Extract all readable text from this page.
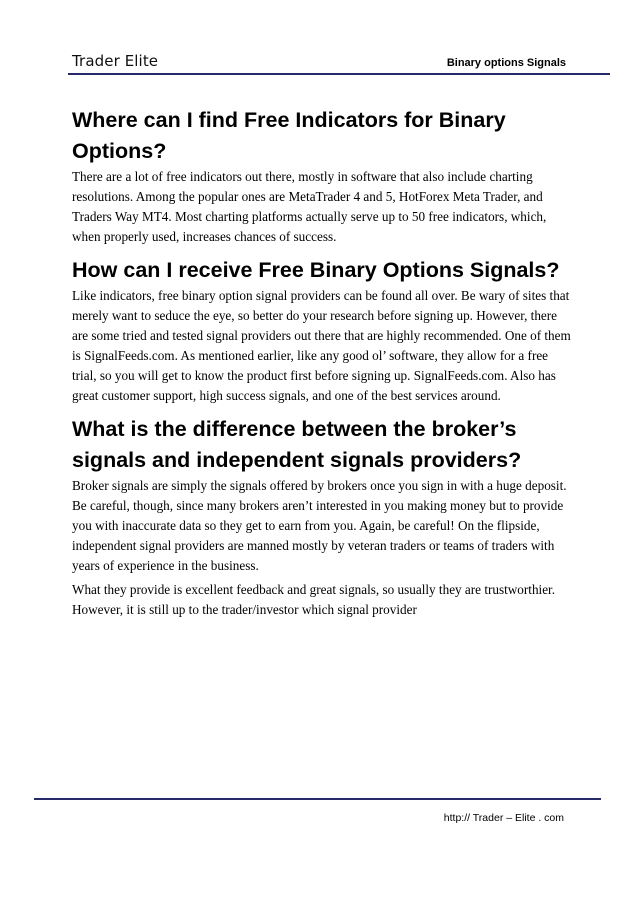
Trader Elite	Binary options Signals
Where can I find Free Indicators for Binary Options?

There are a lot of free indicators out there, mostly in software that also include charting resolutions. Among the popular ones are MetaTrader 4 and 5, HotForex Meta Trader, and Traders Way MT4. Most charting platforms actually serve up to 50 free indicators, which, when properly used, increases chances of success.

How can I receive Free Binary Options Signals?

Like indicators, free binary option signal providers can be found all over. Be wary of sites that merely want to seduce the eye, so better do your research before signing up. However, there are some tried and tested signal providers out there that are highly recommended. One of them is SignalFeeds.com. As mentioned earlier, like any good ol’ software, they allow for a free trial, so you will get to know the product first before signing up. SignalFeeds.com. Also has great customer support, high success signals, and one of the best services around.

What is the difference between the broker’s signals and independent signals providers?

Broker signals are simply the signals offered by brokers once you sign in with a huge deposit. Be careful, though, since many brokers aren’t interested in you making money but to provide you with inaccurate data so they get to earn from you. Again, be careful! On the flipside, independent signal providers are manned mostly by veteran traders or teams of traders with years of experience in the business.

What they provide is excellent feedback and great signals, so usually they are trustworthier. However, it is still up to the trader/investor which signal provider

http:// Trader – Elite . com
